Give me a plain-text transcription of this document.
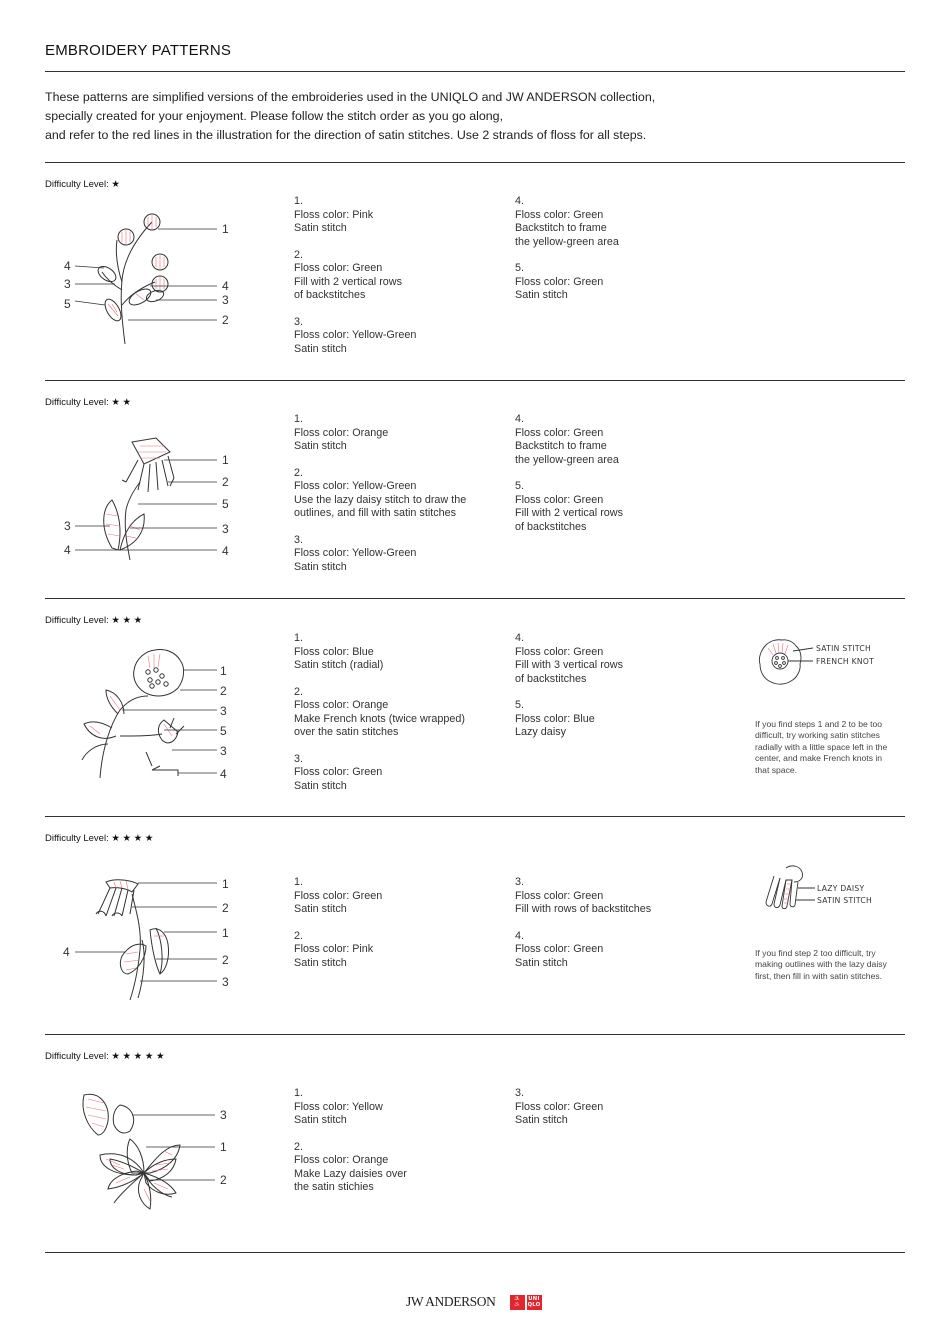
EMBROIDERY PATTERNS
These patterns are simplified versions of the embroideries used in the UNIQLO and JW ANDERSON collection,
specially created for your enjoyment. Please follow the stitch order as you go along,
and refer to the red lines in the illustration for the direction of satin stitches. Use 2 strands of floss for all steps.
Difficulty Level: ★
1
4
3
2
4
3
5
1.
Floss color: Pink
Satin stitch
2.
Floss color: Green
Fill with 2 vertical rows
of backstitches
3.
Floss color: Yellow-Green
Satin stitch
4.
Floss color: Green
Backstitch to frame
the yellow-green area
5.
Floss color: Green
Satin stitch
Difficulty Level: ★ ★
1
2
5
3
4
3
4
1.
Floss color: Orange
Satin stitch
2.
Floss color: Yellow-Green
Use the lazy daisy stitch to draw the
outlines, and fill with satin stitches
3.
Floss color: Yellow-Green
Satin stitch
4.
Floss color: Green
Backstitch to frame
the yellow-green area
5.
Floss color: Green
Fill with 2 vertical rows
of backstitches
Difficulty Level: ★ ★ ★
1
2
3
5
3
4
1.
Floss color: Blue
Satin stitch (radial)
2.
Floss color: Orange
Make French knots (twice wrapped)
over the satin stitches
3.
Floss color: Green
Satin stitch
4.
Floss color: Green
Fill with 3 vertical rows
of backstitches
5.
Floss color: Blue
Lazy daisy
SATIN STITCH
FRENCH KNOT
If you find steps 1 and 2 to be too
difficult, try working satin stitches
radially with a little space left in the
center, and make French knots in
that space.
Difficulty Level: ★ ★ ★ ★
1
2
1
2
3
4
1.
Floss color: Green
Satin stitch
2.
Floss color: Pink
Satin stitch
3.
Floss color: Green
Fill with rows of backstitches
4.
Floss color: Green
Satin stitch
LAZY DAISY
SATIN STITCH
If you find step 2 too difficult, try
making outlines with the lazy daisy
first, then fill in with satin stitches.
Difficulty Level: ★ ★ ★ ★ ★
3
1
2
1.
Floss color: Yellow
Satin stitch
2.
Floss color: Orange
Make Lazy daisies over
the satin stichies
3.
Floss color: Green
Satin stitch
JW ANDERSON	ユ
ニ
UNI
QLO
